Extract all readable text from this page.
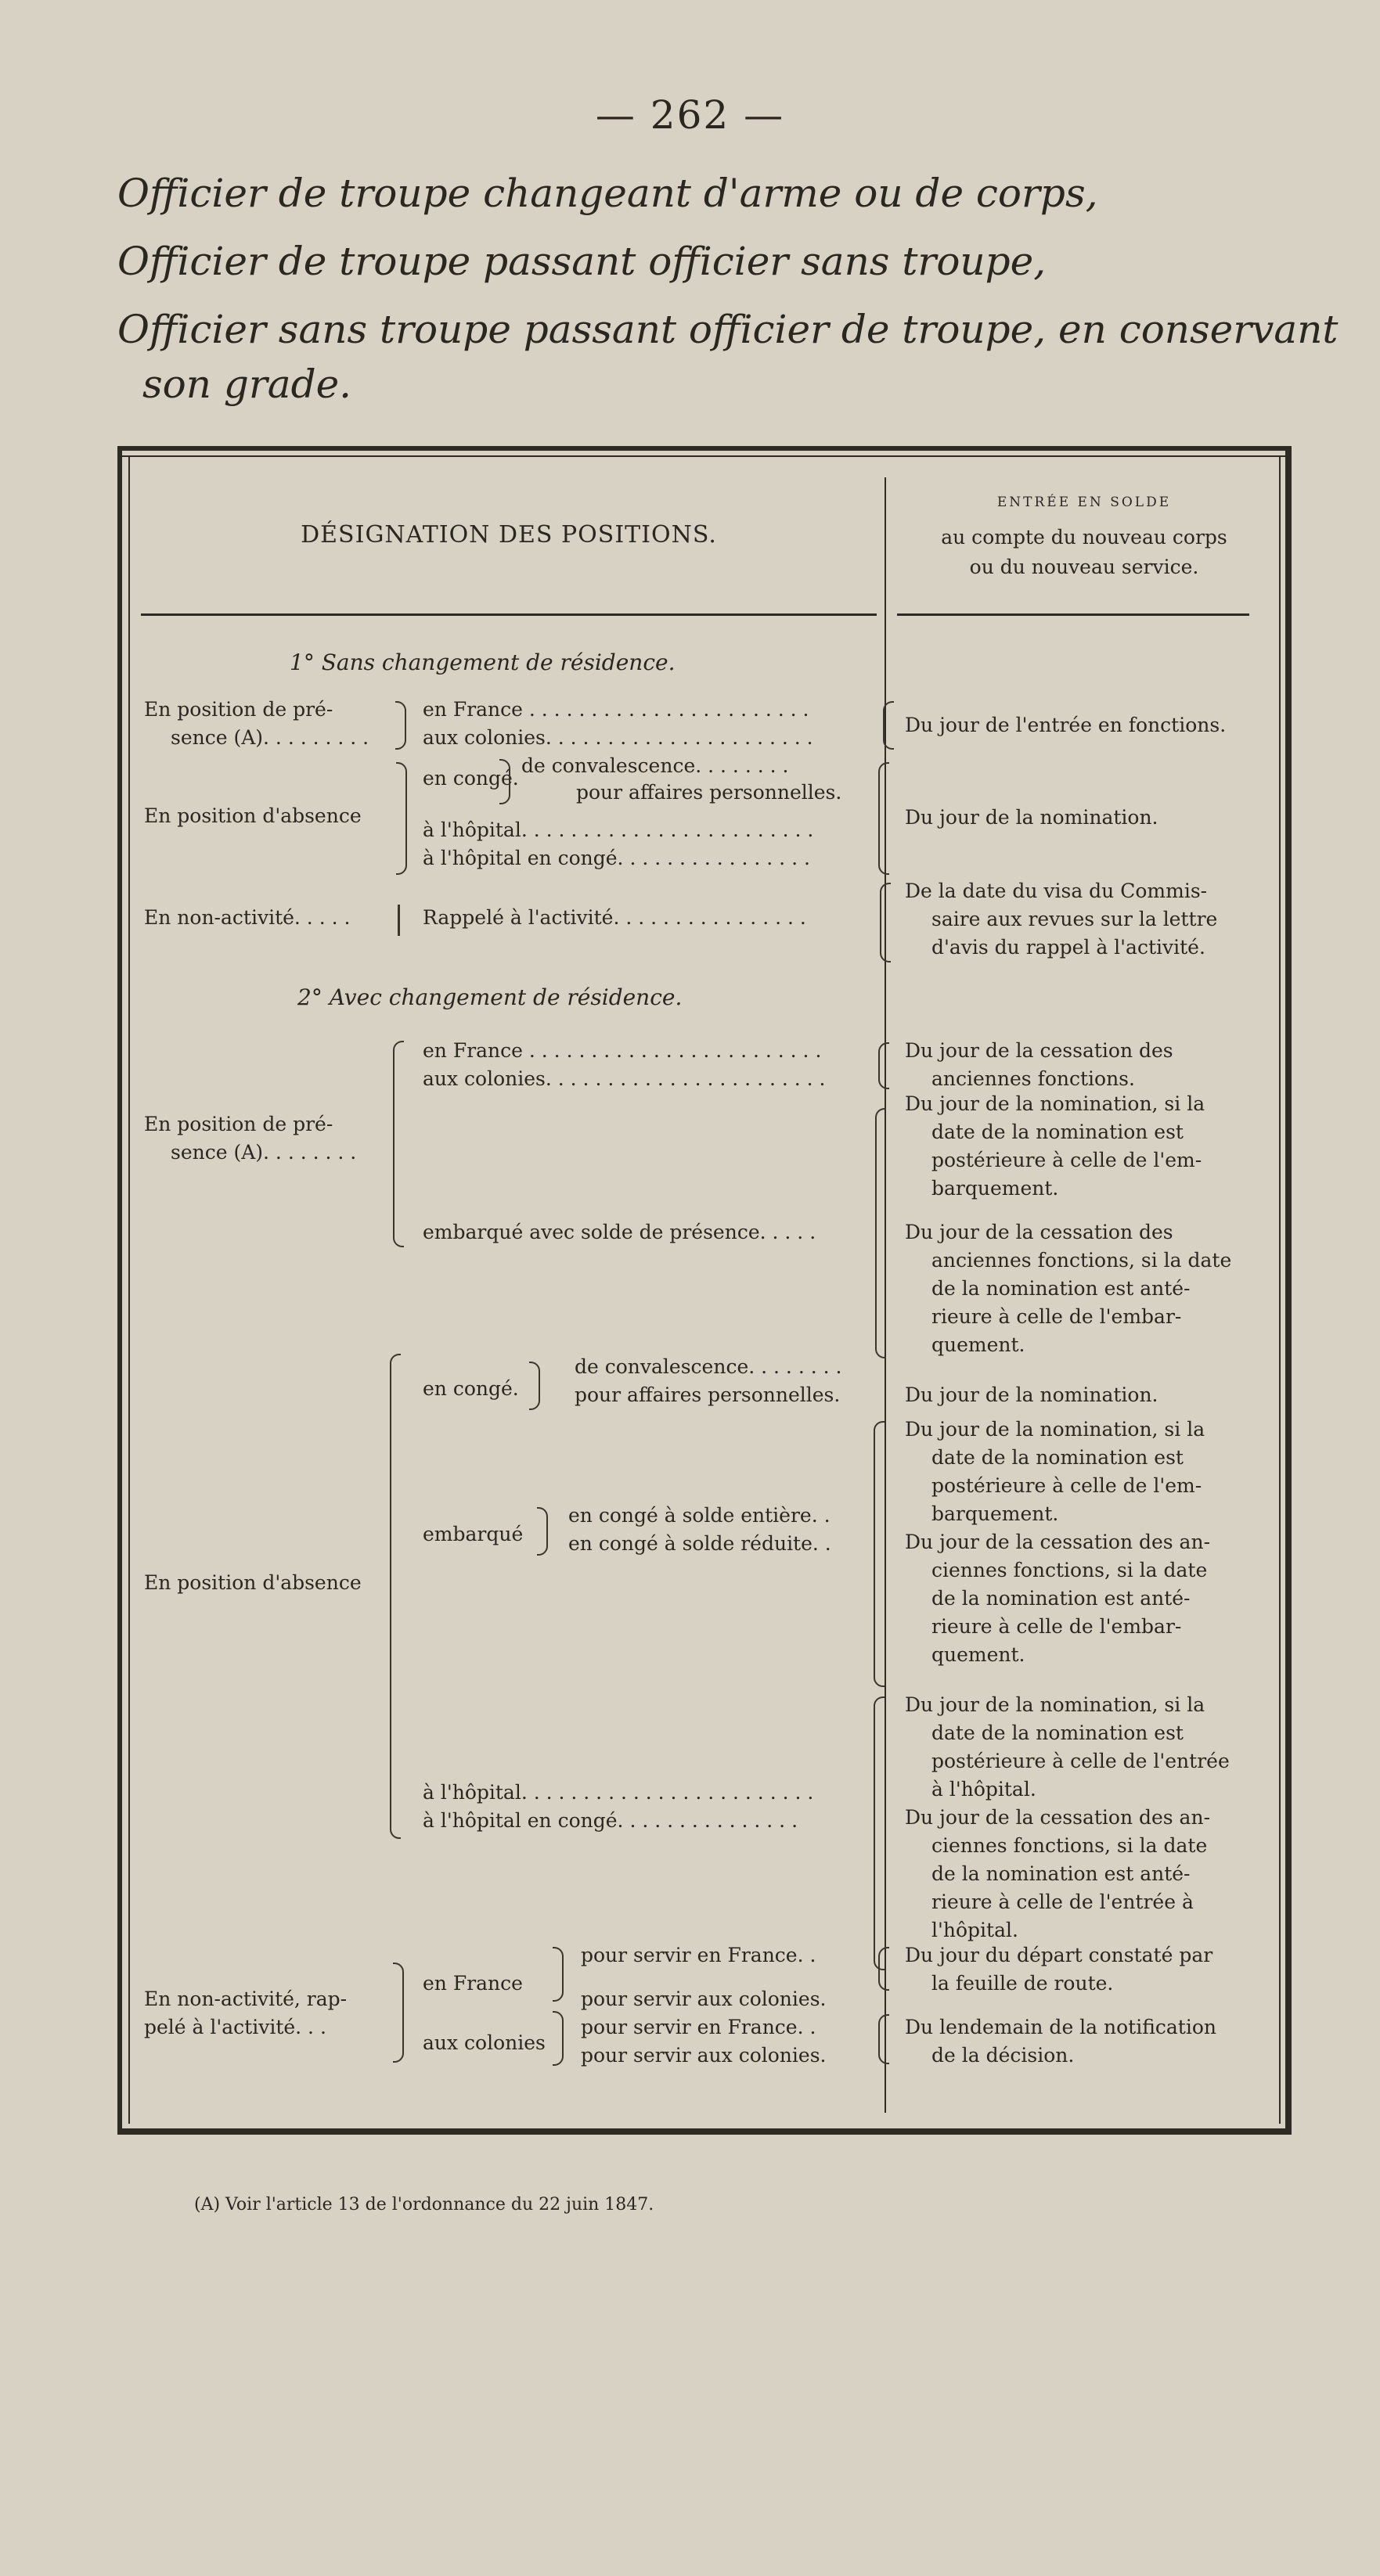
— 262 —
Officier de troupe changeant d'arme ou de corps,
Officier de troupe passant officier sans troupe,
Officier sans troupe passant officier de troupe, en conservant
son grade.
DÉSIGNATION DES POSITIONS.
ENTRÉE EN SOLDE
au compte du nouveau corps
ou du nouveau service.
1° Sans changement de résidence.
En position de pré-
sence (A). . . . . . . . .
en France . . . . . . . . . . . . . . . . . . . . . . .
aux colonies. . . . . . . . . . . . . . . . . . . . . .
Du jour de l'entrée en fonctions.
En position d'absence
en congé.
de convalescence. . . . . . . .
pour affaires personnelles.
à l'hôpital. . . . . . . . . . . . . . . . . . . . . . . .
à l'hôpital en congé. . . . . . . . . . . . . . . .
Du jour de la nomination.
En non-activité. . . . .	Rappelé à l'activité. . . . . . . . . . . . . . . .
De la date du visa du Commis-
saire aux revues sur la lettre
d'avis du rappel à l'activité.
2° Avec changement de résidence.
En position de pré-
sence (A). . . . . . . .
en France . . . . . . . . . . . . . . . . . . . . . . . .
aux colonies. . . . . . . . . . . . . . . . . . . . . . .
embarqué avec solde de présence. . . . .
Du jour de la cessation des
anciennes fonctions.
Du jour de la nomination, si la
date de la nomination est
postérieure à celle de l'em-
barquement.
Du jour de la cessation des
anciennes fonctions, si la date
de la nomination est anté-
rieure à celle de l'embar-
quement.
En position d'absence
en congé.
de convalescence. . . . . . . .
pour affaires personnelles.	Du jour de la nomination.
embarqué
en congé à solde entière. .
en congé à solde réduite. .
Du jour de la nomination, si la
date de la nomination est
postérieure à celle de l'em-
barquement.
Du jour de la cessation des an-
ciennes fonctions, si la date
de la nomination est anté-
rieure à celle de l'embar-
quement.
à l'hôpital. . . . . . . . . . . . . . . . . . . . . . . .
à l'hôpital en congé. . . . . . . . . . . . . . .
Du jour de la nomination, si la
date de la nomination est
postérieure à celle de l'entrée
à l'hôpital.
Du jour de la cessation des an-
ciennes fonctions, si la date
de la nomination est anté-
rieure à celle de l'entrée à
l'hôpital.
En non-activité, rap-
pelé à l'activité. . .
en France
aux colonies
pour servir en France. .
pour servir aux colonies.
pour servir en France. .
pour servir aux colonies.
Du jour du départ constaté par
la feuille de route.
Du lendemain de la notification
de la décision.
(A) Voir l'article 13 de l'ordonnance du 22 juin 1847.
